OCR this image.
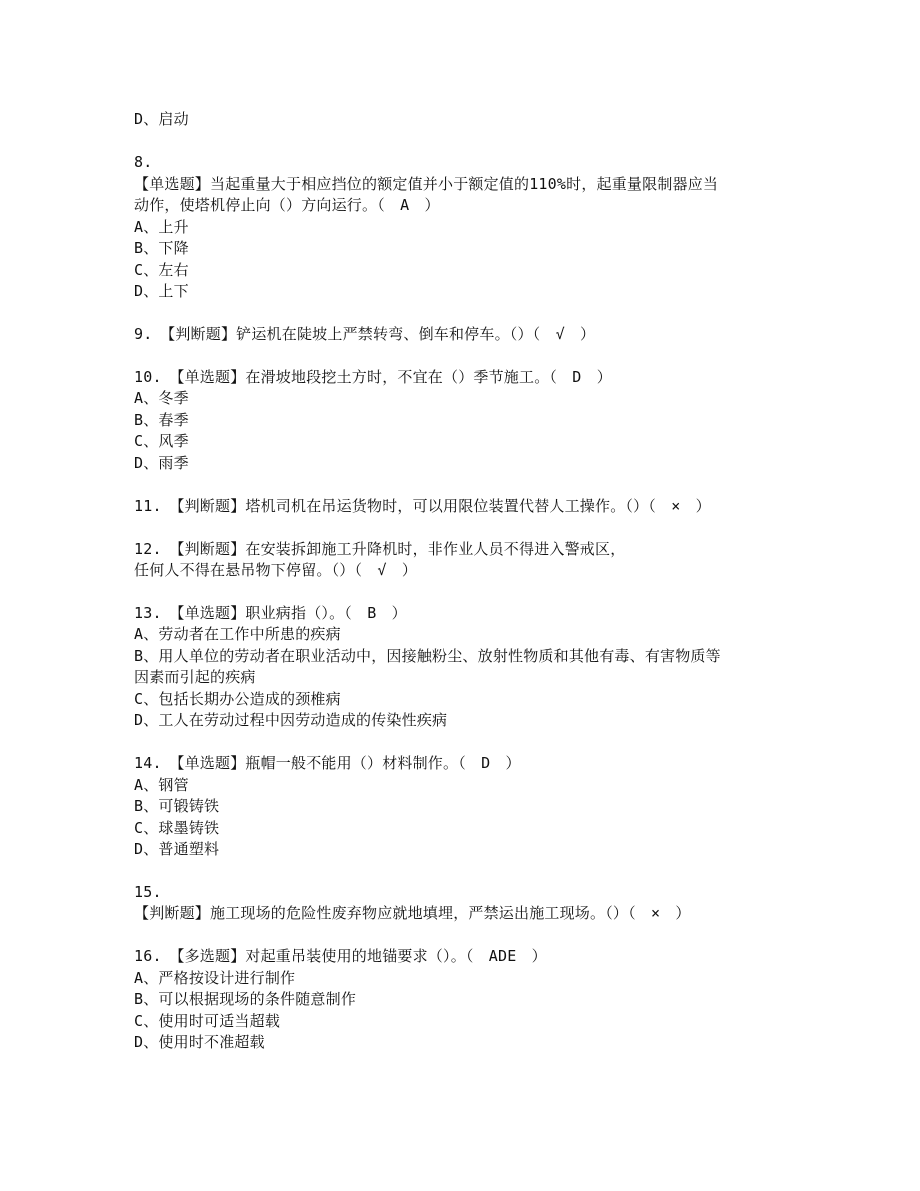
D、启动
8.
【单选题】当起重量大于相应挡位的额定值并小于额定值的110%时，起重量限制器应当
动作，使塔机停止向（）方向运行。（　A　）
A、上升
B、下降
C、左右
D、上下
9.　【判断题】铲运机在陡坡上严禁转弯、倒车和停车。（）（　√　）
10.　【单选题】在滑坡地段挖土方时，不宜在（）季节施工。（　D　）
A、冬季
B、春季
C、风季
D、雨季
11.　【判断题】塔机司机在吊运货物时，可以用限位装置代替人工操作。（）（　×　）
12.　【判断题】在安装拆卸施工升降机时，非作业人员不得进入警戒区，
任何人不得在悬吊物下停留。（）（　√　）
13.　【单选题】职业病指（）。（　B　）
A、劳动者在工作中所患的疾病
B、用人单位的劳动者在职业活动中，因接触粉尘、放射性物质和其他有毒、有害物质等
因素而引起的疾病
C、包括长期办公造成的颈椎病
D、工人在劳动过程中因劳动造成的传染性疾病
14.　【单选题】瓶帽一般不能用（）材料制作。（　D　）
A、钢管
B、可锻铸铁
C、球墨铸铁
D、普通塑料
15.
【判断题】施工现场的危险性废弃物应就地填埋，严禁运出施工现场。（）（　×　）
16.　【多选题】对起重吊装使用的地锚要求（）。（　ADE　）
A、严格按设计进行制作
B、可以根据现场的条件随意制作
C、使用时可适当超载
D、使用时不准超载
